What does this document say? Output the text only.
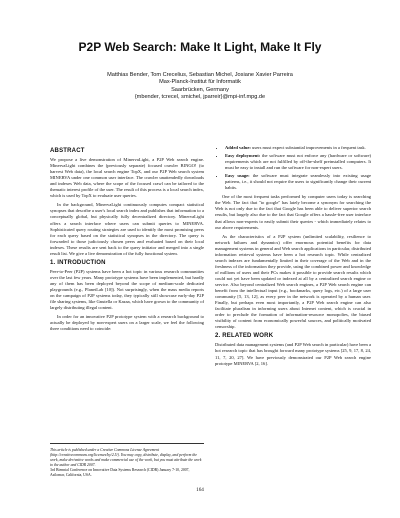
P2P Web Search: Make It Light, Make It Fly
Matthias Bender, Tom Crecelius, Sebastian Michel, Josiane Xavier Parreira
Max-Planck-Institut für Informatik
Saarbrücken, Germany
{mbender, tcrecel, smichel, jparreir}@mpi-inf.mpg.de
ABSTRACT

We propose a live demonstration of MinervaLight, a P2P Web search engine. MinervaLight combines the (previously separate) focused crawler BINGO! (to harvest Web data), the local search engine TopX, and our P2P Web search system MINERVA under one common user interface. The crawler unattendedly downloads and indexes Web data, where the scope of the focused crawl can be tailored to the thematic interest profile of the user. The result of this process is a local search index, which is used by TopX to evaluate user queries.

In the background, MinervaLight continuously computes compact statistical synopses that describe a user's local search index and publishes that information to a conceptually global, but physically fully decentralized directory. MinervaLight offers a search interface where users can submit queries to MINERVA. Sophisticated query routing strategies are used to identify the most promising peers for each query based on the statistical synopses in the directory. The query is forwarded to those judiciously chosen peers and evaluated based on their local indexes. These results are sent back to the query initiator and merged into a single result list. We give a live demonstration of the fully functional system.

1. INTRODUCTION

Peer-to-Peer (P2P) systems have been a hot topic in various research communities over the last few years. Many prototype systems have been implemented, but hardly any of them has been deployed beyond the scope of medium-scale dedicated playgrounds (e.g., PlanetLab [10]). Not surprisingly, when the mass media reports on the campaign of P2P systems today, they typically still showcase early-day P2P file sharing systems, like Gnutella or Kazaa, which have grown to the community of largely distributing illegal content.

In order for an innovative P2P prototype system with a research background to actually be deployed by non-expert users on a larger scale, we feel the following three conditions need to coincide:

This article is published under a Creative Commons License Agreement (http://creativecommons.org/licenses/by/2.5/). You may copy, distribute, display, and perform the work, make derivative works and make commercial use of the work, but you must attribute the work to the author and CIDR 2007.
3rd Biennial Conference on Innovative Data Systems Research (CIDR) January 7-10, 2007, Asilomar, California, USA.
• Added value: users must expect substantial improvements in a frequent task.
• Easy deployment: the software must not enforce any (hardware or software) requirements which are not fulfilled by off-the-shelf preinstalled computers. It must be easy to install and run the software for non-expert users.
• Easy usage: the software must integrate seamlessly into existing usage patterns, i.e., it should not require the users to significantly change their current habits.

One of the most frequent tasks performed by computer users today is searching the Web. The fact that "to google" has lately become a synonym for searching the Web is not only due to the fact that Google has been able to deliver superior search results, but largely also due to the fact that Google offers a hassle-free user interface that allows non-experts to easily submit their queries - which immediately relates to our above requirements.

As the characteristics of a P2P system (unlimited scalability, resilience to network failures and dynamics) offer enormous potential benefits for data management systems in general and Web search applications in particular, distributed information retrieval systems have been a hot research topic. While centralized search indexes are fundamentally limited in their coverage of the Web and in the freshness of the information they provide, using the combined power and knowledge of millions of users and their PCs makes it possible to provide search results which could not yet have been updated or indexed at all by a centralized search engine or service. Also beyond centralized Web search engines, a P2P Web search engine can benefit from the intellectual input (e.g., bookmarks, query logs, etc.) of a large user community [5, 13, 12], as every peer in the network is operated by a human user. Finally, but perhaps even most importantly, a P2P Web search engine can also facilitate pluralism in informing users about Internet content, which is crucial in order to preclude the formation of information-resource monopolies, the biased visibility of content from economically powerful sources, and politically motivated censorship.

2. RELATED WORK

Distributed data management systems (and P2P Web search in particular) have been a hot research topic that has brought forward many prototype systems [25, 9, 17, 8, 24, 11, 7, 20, 27]. We have previously demonstrated our P2P Web search engine prototype MINERVA [2, 16].

164
